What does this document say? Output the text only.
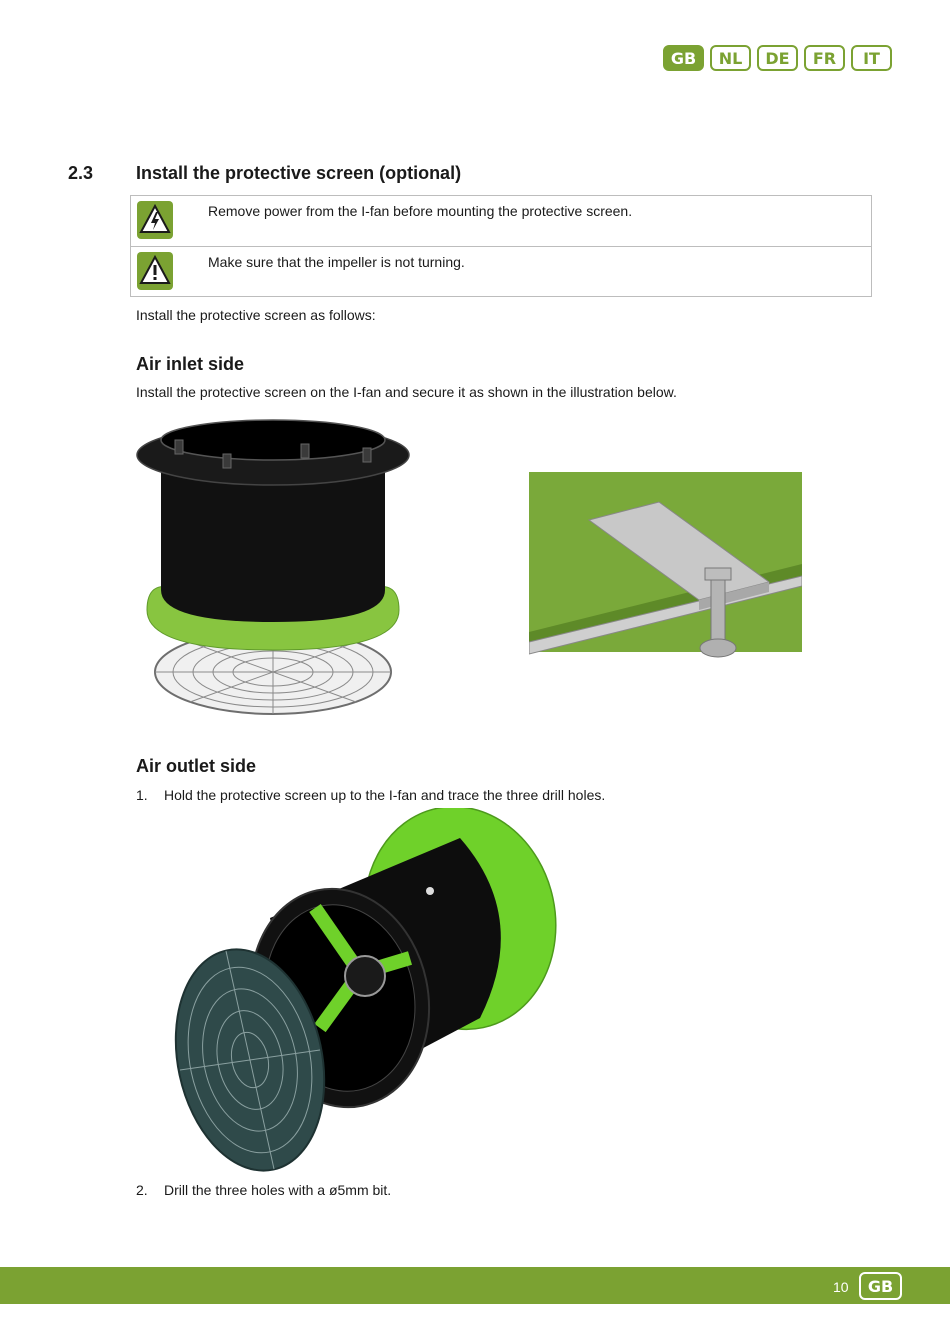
GB	NL	DE	FR	IT
2.3 Install the protective screen (optional)
Remove power from the I-fan before mounting the protective screen.
Make sure that the impeller is not turning.
Install the protective screen as follows:
Air inlet side
Install the protective screen on the I-fan and secure it as shown in the illustration below.
Air outlet side
1. Hold the protective screen up to the I-fan and trace the three drill holes.
2. Drill the three holes with a ø5mm bit.
10	GB
